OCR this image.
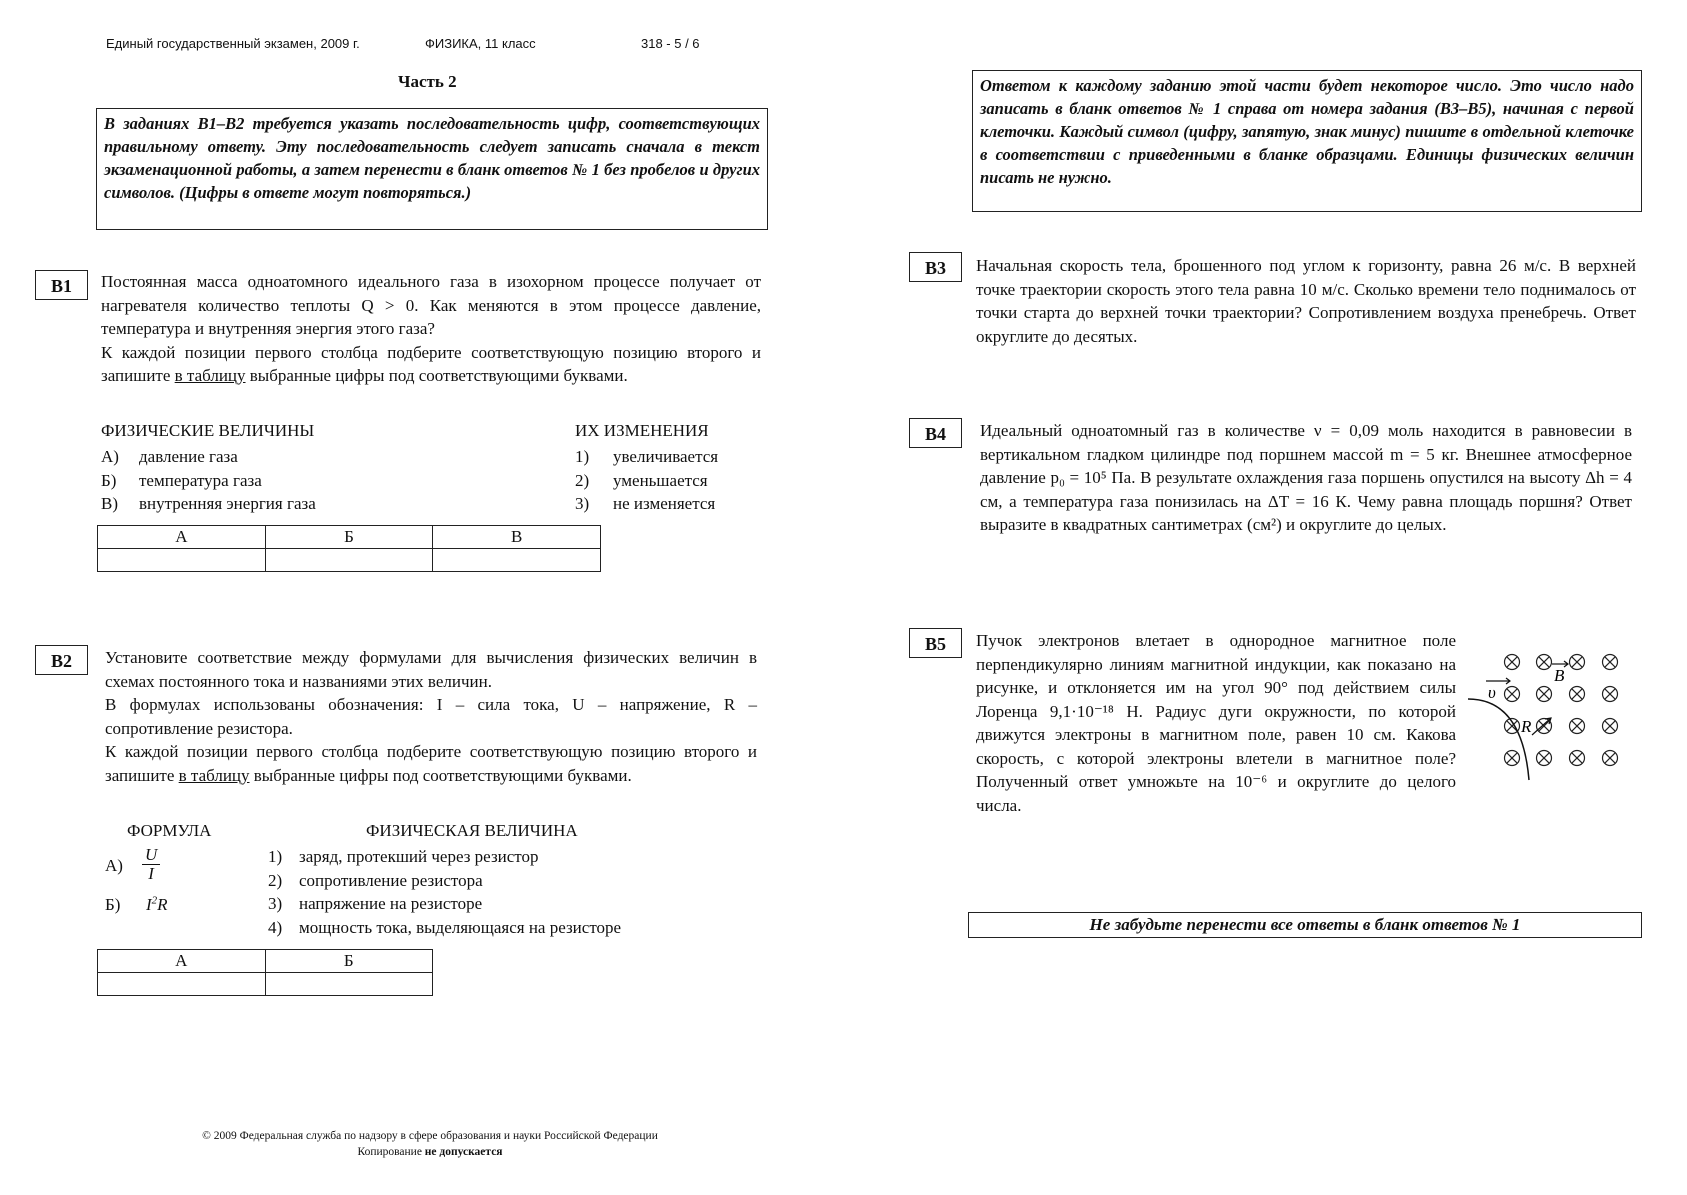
Единый государственный экзамен, 2009 г.	ФИЗИКА, 11 класс	318 - 5 / 6
Часть 2
В заданиях В1–В2 требуется указать последовательность цифр, соответствующих правильному ответу. Эту последовательность следует записать сначала в текст экзаменационной работы, а затем перенести в бланк ответов № 1 без пробелов и других символов. (Цифры в ответе могут повторяться.)
Ответом к каждому заданию этой части будет некоторое число. Это число надо записать в бланк ответов № 1 справа от номера задания (В3–В5), начиная с первой клеточки. Каждый символ (цифру, запятую, знак минус) пишите в отдельной клеточке в соответствии с приведенными в бланке образцами. Единицы физических величин писать не нужно.
B1	Постоянная масса одноатомного идеального газа в изохорном процессе получает от нагревателя количество теплоты Q > 0. Как меняются в этом процессе давление, температура и внутренняя энергия этого газа?

К каждой позиции первого столбца подберите соответствующую позицию второго и запишите в таблицу выбранные цифры под соответствующими буквами.

ФИЗИЧЕСКИЕ ВЕЛИЧИНЫ	ИХ ИЗМЕНЕНИЯ
А) давление газа
Б) температура газа
В) внутренняя энергия газа
1) увеличивается
2) уменьшается
3) не изменяется
А	Б	В

B2	Установите соответствие между формулами для вычисления физических величин в схемах постоянного тока и названиями этих величин.

В формулах использованы обозначения: I – сила тока, U – напряжение, R – сопротивление резистора.

К каждой позиции первого столбца подберите соответствующую позицию второго и запишите в таблицу выбранные цифры под соответствующими буквами.

ФОРМУЛА	ФИЗИЧЕСКАЯ ВЕЛИЧИНА
$А) \frac{U}{I}$
Б) $I^2R$
1) заряд, протекший через резистор
2) сопротивление резистора
3) напряжение на резисторе
4) мощность тока, выделяющаяся на резисторе
А	Б

B3	Начальная скорость тела, брошенного под углом к горизонту, равна 26 м/с. В верхней точке траектории скорость этого тела равна 10 м/с. Сколько времени тело поднималось от точки старта до верхней точки траектории? Сопротивлением воздуха пренебречь. Ответ округлите до десятых.
B4	Идеальный одноатомный газ в количестве ν = 0,09 моль находится в равновесии в вертикальном гладком цилиндре под поршнем массой m = 5 кг. Внешнее атмосферное давление p₀ = 10⁵ Па. В результате охлаждения газа поршень опустился на высоту Δh = 4 см, а температура газа понизилась на ΔT = 16 К. Чему равна площадь поршня? Ответ выразите в квадратных сантиметрах (см²) и округлите до целых.
B5	Пучок электронов влетает в однородное магнитное поле перпендикулярно линиям магнитной индукции, как показано на рисунке, и отклоняется им на угол 90° под действием силы Лоренца 9,1·10⁻¹⁸ Н. Радиус дуги окружности, по которой движутся электроны в магнитном поле, равен 10 см. Какова скорость, с которой электроны влетели в магнитное поле? Полученный ответ умножьте на 10⁻⁶ и округлите до целого числа.
υ
B
R
Не забудьте перенести все ответы в бланк ответов № 1
© 2009 Федеральная служба по надзору в сфере образования и науки Российской Федерации
Копирование не допускается
